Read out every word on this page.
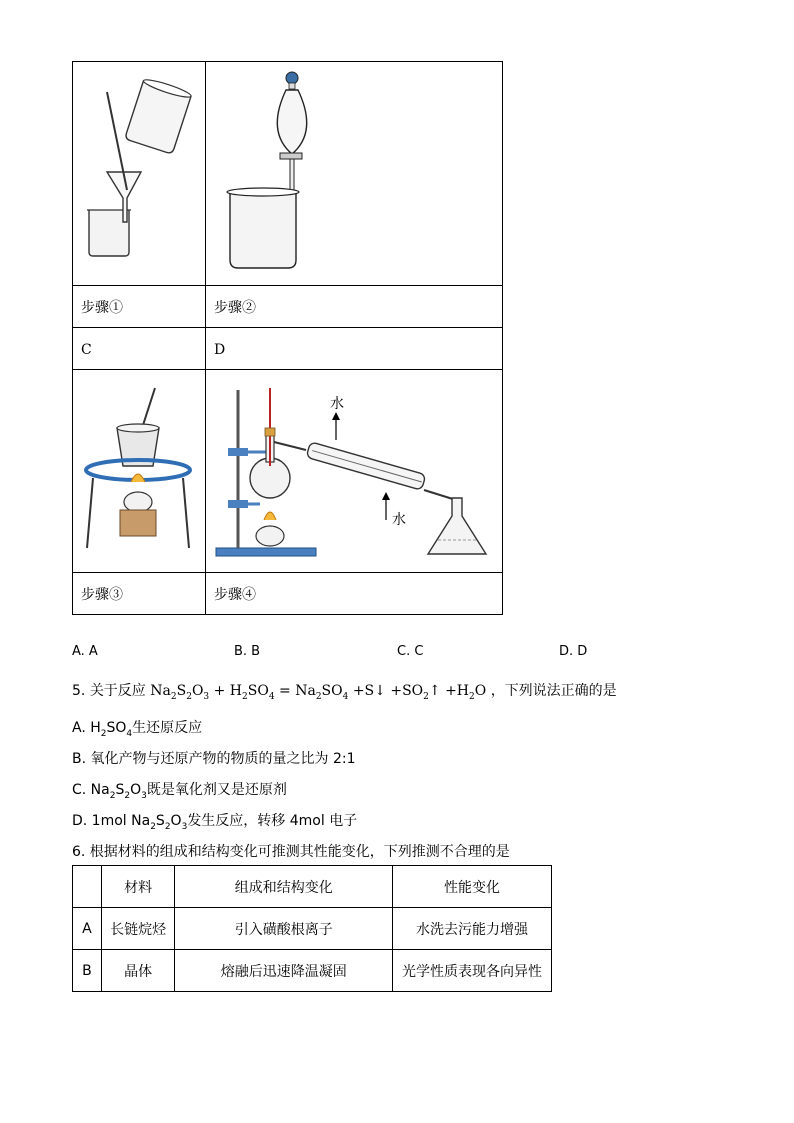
步骤①	步骤②
C	D

水
水

步骤③	步骤④
A. A	B. B	C. C	D. D
5. 关于反应 $Na_2S_2O_3 + H_2SO_4 = Na_2SO_4$ +S↓ $+SO_2↑ +H_2O$ ，下列说法正确的是
A. $H_2SO_4$生还原反应
B. 氧化产物与还原产物的物质的量之比为 2:1
C. $Na_2S_2O_3$既是氧化剂又是还原剂
D. 1mol $Na_2S_2O_3$发生反应，转移 4mol 电子
6. 根据材料的组成和结构变化可推测其性能变化，下列推测不合理的是
	材料	组成和结构变化	性能变化
A	长链烷烃	引入磺酸根离子	水洗去污能力增强
B	晶体	熔融后迅速降温凝固	光学性质表现各向异性
